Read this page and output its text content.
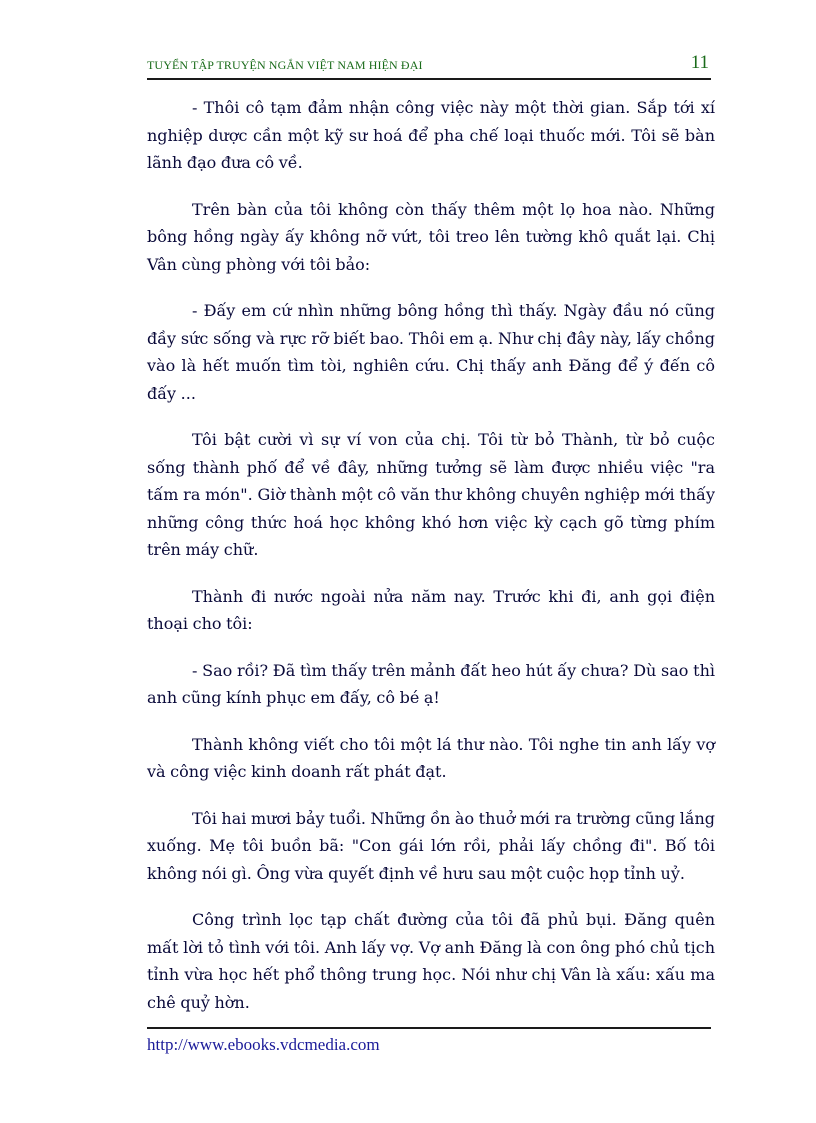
TUYỂN TẬP TRUYỆN NGẮN VIỆT NAM HIỆN ĐẠI	11

- Thôi cô tạm đảm nhận công việc này một thời gian. Sắp tới xí nghiệp dược cần một kỹ sư hoá để pha chế loại thuốc mới. Tôi sẽ bàn lãnh đạo đưa cô về.

Trên bàn của tôi không còn thấy thêm một lọ hoa nào. Những bông hồng ngày ấy không nỡ vứt, tôi treo lên tường khô quắt lại. Chị Vân cùng phòng với tôi bảo:

- Đấy em cứ nhìn những bông hồng thì thấy. Ngày đầu nó cũng đầy sức sống và rực rỡ biết bao. Thôi em ạ. Như chị đây này, lấy chồng vào là hết muốn tìm tòi, nghiên cứu. Chị thấy anh Đăng để ý đến cô đấy ...

Tôi bật cười vì sự ví von của chị. Tôi từ bỏ Thành, từ bỏ cuộc sống thành phố để về đây, những tưởng sẽ làm được nhiều việc "ra tấm ra món". Giờ thành một cô văn thư không chuyên nghiệp mới thấy những công thức hoá học không khó hơn việc kỳ cạch gõ từng phím trên máy chữ.

Thành đi nước ngoài nửa năm nay. Trước khi đi, anh gọi điện thoại cho tôi:

- Sao rồi? Đã tìm thấy trên mảnh đất heo hút ấy chưa? Dù sao thì anh cũng kính phục em đấy, cô bé ạ!

Thành không viết cho tôi một lá thư nào. Tôi nghe tin anh lấy vợ và công việc kinh doanh rất phát đạt.

Tôi hai mươi bảy tuổi. Những ồn ào thuở mới ra trường cũng lắng xuống. Mẹ tôi buồn bã: "Con gái lớn rồi, phải lấy chồng đi". Bố tôi không nói gì. Ông vừa quyết định về hưu sau một cuộc họp tỉnh uỷ.

Công trình lọc tạp chất đường của tôi đã phủ bụi. Đăng quên mất lời tỏ tình với tôi. Anh lấy vợ. Vợ anh Đăng là con ông phó chủ tịch tỉnh vừa học hết phổ thông trung học. Nói như chị Vân là xấu: xấu ma chê quỷ hờn.

http://www.ebooks.vdcmedia.com
